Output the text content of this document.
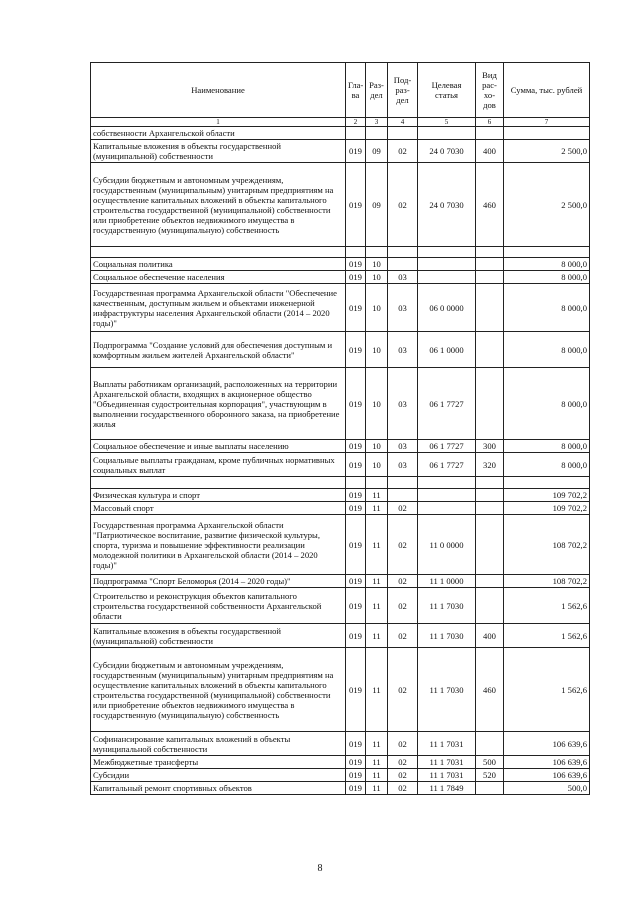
Наименование	Гла-ва	Раз-дел	Под-раз-дел	Целевая статья	Вид рас-хо-дов	Сумма, тыс. рублей
1	2	3	4	5	6	7
собственности Архангельской области						
Капитальные вложения в объекты государственной (муниципальной) собственности	019	09	02	24 0 7030	400	2 500,0
Субсидии бюджетным и автономным учреждениям, государственным (муниципальным) унитарным предприятиям на осуществление капитальных вложений в объекты капитального строительства государственной (муниципальной) собственности или приобретение объектов недвижимого имущества в государственную (муниципальную) собственность	019	09	02	24 0 7030	460	2 500,0

Социальная политика	019	10				8 000,0
Социальное обеспечение населения	019	10	03			8 000,0
Государственная программа Архангельской области "Обеспечение качественным, доступным жильем и объектами инженерной инфраструктуры населения Архангельской области (2014 – 2020 годы)"	019	10	03	06 0 0000		8 000,0
Подпрограмма "Создание условий для обеспечения доступным и комфортным жильем жителей Архангельской области"	019	10	03	06 1 0000		8 000,0
Выплаты работникам организаций, расположенных на территории Архангельской области, входящих в акционерное общество "Объединенная судостроительная корпорация", участвующим в выполнении государственного оборонного заказа, на приобретение жилья	019	10	03	06 1 7727		8 000,0
Социальное обеспечение и иные выплаты населению	019	10	03	06 1 7727	300	8 000,0
Социальные выплаты гражданам, кроме публичных нормативных социальных выплат	019	10	03	06 1 7727	320	8 000,0

Физическая культура и спорт	019	11				109 702,2
Массовый спорт	019	11	02			109 702,2
Государственная программа Архангельской области "Патриотическое воспитание, развитие физической культуры, спорта, туризма и повышение эффективности реализации молодежной политики в Архангельской области (2014 – 2020 годы)"	019	11	02	11 0 0000		108 702,2
Подпрограмма "Спорт Беломорья (2014 – 2020 годы)"	019	11	02	11 1 0000		108 702,2
Строительство и реконструкция объектов капитального строительства государственной собственности Архангельской области	019	11	02	11 1 7030		1 562,6
Капитальные вложения в объекты государственной (муниципальной) собственности	019	11	02	11 1 7030	400	1 562,6
Субсидии бюджетным и автономным учреждениям, государственным (муниципальным) унитарным предприятиям на осуществление капитальных вложений в объекты капитального строительства государственной (муниципальной) собственности или приобретение объектов недвижимого имущества в государственную (муниципальную) собственность	019	11	02	11 1 7030	460	1 562,6
Софинансирование капитальных вложений в объекты муниципальной собственности	019	11	02	11 1 7031		106 639,6
Межбюджетные трансферты	019	11	02	11 1 7031	500	106 639,6
Субсидии	019	11	02	11 1 7031	520	106 639,6
Капитальный ремонт спортивных объектов	019	11	02	11 1 7849		500,0
8
